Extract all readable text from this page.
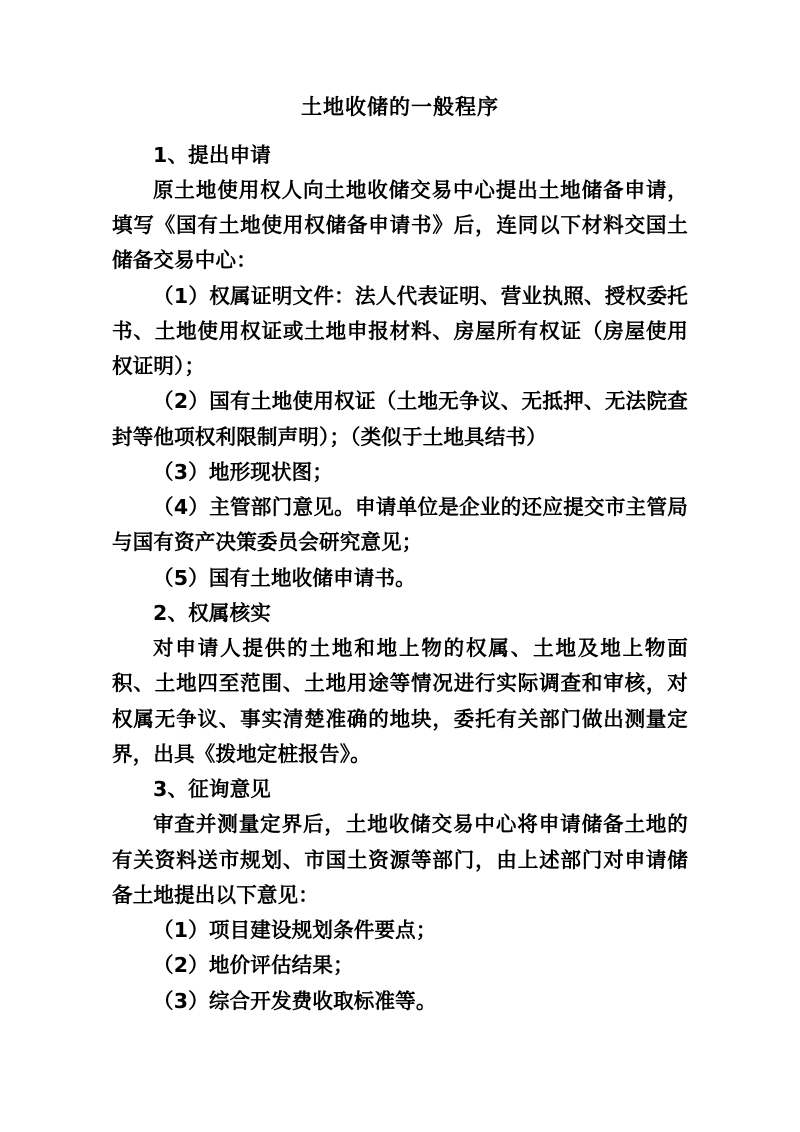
土地收储的一般程序

1、提出申请

原土地使用权人向土地收储交易中心提出土地储备申请，填写《国有土地使用权储备申请书》后，连同以下材料交国土储备交易中心：

（1）权属证明文件：法人代表证明、营业执照、授权委托书、土地使用权证或土地申报材料、房屋所有权证（房屋使用权证明）；

（2）国有土地使用权证（土地无争议、无抵押、无法院查封等他项权利限制声明）；（类似于土地具结书）

（3）地形现状图；

（4）主管部门意见。申请单位是企业的还应提交市主管局与国有资产决策委员会研究意见；

（5）国有土地收储申请书。

2、权属核实

对申请人提供的土地和地上物的权属、土地及地上物面积、土地四至范围、土地用途等情况进行实际调查和审核，对权属无争议、事实清楚准确的地块，委托有关部门做出测量定界，出具《拨地定桩报告》。

3、征询意见

审查并测量定界后，土地收储交易中心将申请储备土地的有关资料送市规划、市国土资源等部门，由上述部门对申请储备土地提出以下意见：

（1）项目建设规划条件要点；

（2）地价评估结果；

（3）综合开发费收取标准等。
